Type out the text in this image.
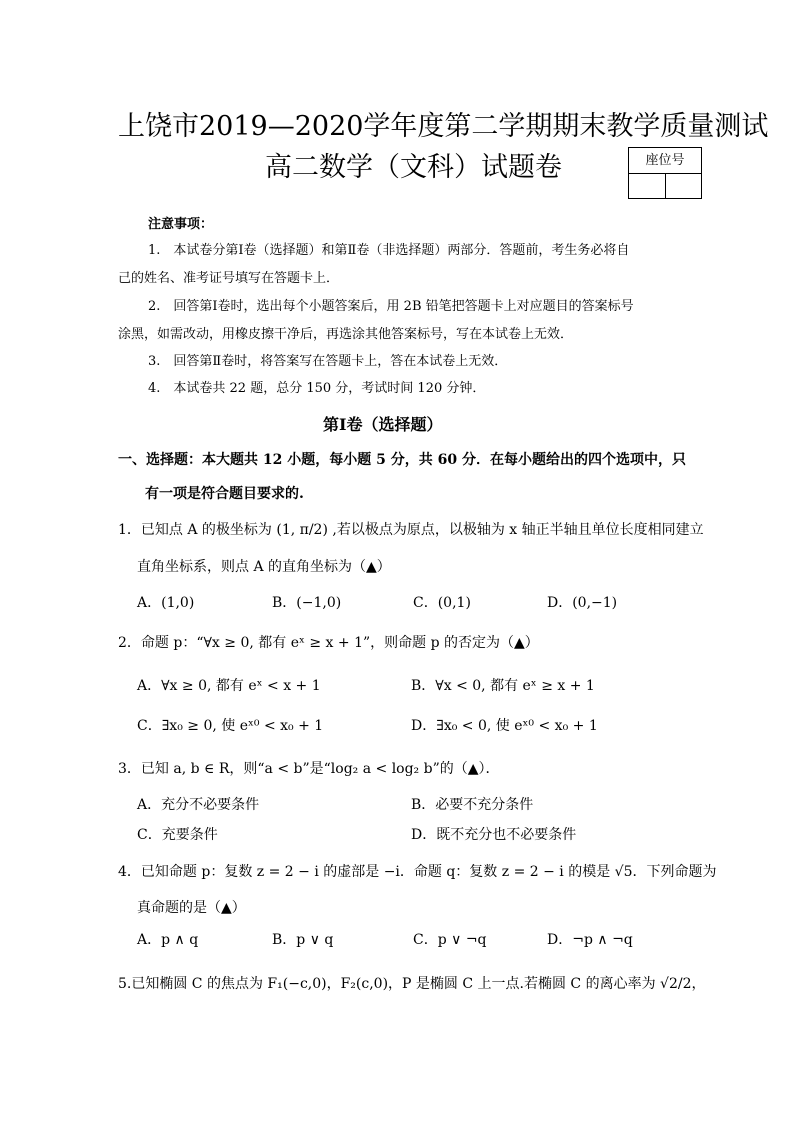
上饶市2019—2020学年度第二学期期末教学质量测试
高二数学（文科）试题卷	座位号
注意事项：
1.　本试卷分第Ⅰ卷（选择题）和第Ⅱ卷（非选择题）两部分．答题前，考生务必将自
己的姓名、准考证号填写在答题卡上．
2.　回答第Ⅰ卷时，选出每个小题答案后，用 2B 铅笔把答题卡上对应题目的答案标号
涂黑，如需改动，用橡皮擦干净后，再选涂其他答案标号，写在本试卷上无效．
3.　回答第Ⅱ卷时，将答案写在答题卡上，答在本试卷上无效．
4.　本试卷共 22 题，总分 150 分，考试时间 120 分钟．
第Ⅰ卷（选择题）
一、选择题：本大题共 12 小题，每小题 5 分，共 60 分．在每小题给出的四个选项中，只
有一项是符合题目要求的.
1．已知点 A 的极坐标为 (1, π/2) ,若以极点为原点，以极轴为 x 轴正半轴且单位长度相同建立
直角坐标系，则点 A 的直角坐标为（▲）
A．(1,0)	B．(−1,0)	C．(0,1)	D．(0,−1)
2．命题 p：“∀x ≥ 0, 都有 eˣ ≥ x + 1”，则命题 p 的否定为（▲）
A．∀x ≥ 0, 都有 eˣ < x + 1	B．∀x < 0, 都有 eˣ ≥ x + 1
C．∃x₀ ≥ 0, 使 eˣ⁰ < x₀ + 1	D．∃x₀ < 0, 使 eˣ⁰ < x₀ + 1
3．已知 a, b ∈ R，则“a < b”是“log₂ a < log₂ b”的（▲）．
A．充分不必要条件	B．必要不充分条件
C．充要条件	D．既不充分也不必要条件
4．已知命题 p：复数 z = 2 − i 的虚部是 −i．命题 q：复数 z = 2 − i 的模是 √5．下列命题为
真命题的是（▲）
A．p ∧ q	B．p ∨ q	C．p ∨ ¬q	D．¬p ∧ ¬q
5.已知椭圆 C 的焦点为 F₁(−c,0)，F₂(c,0)，P 是椭圆 C 上一点.若椭圆 C 的离心率为 √2/2，
